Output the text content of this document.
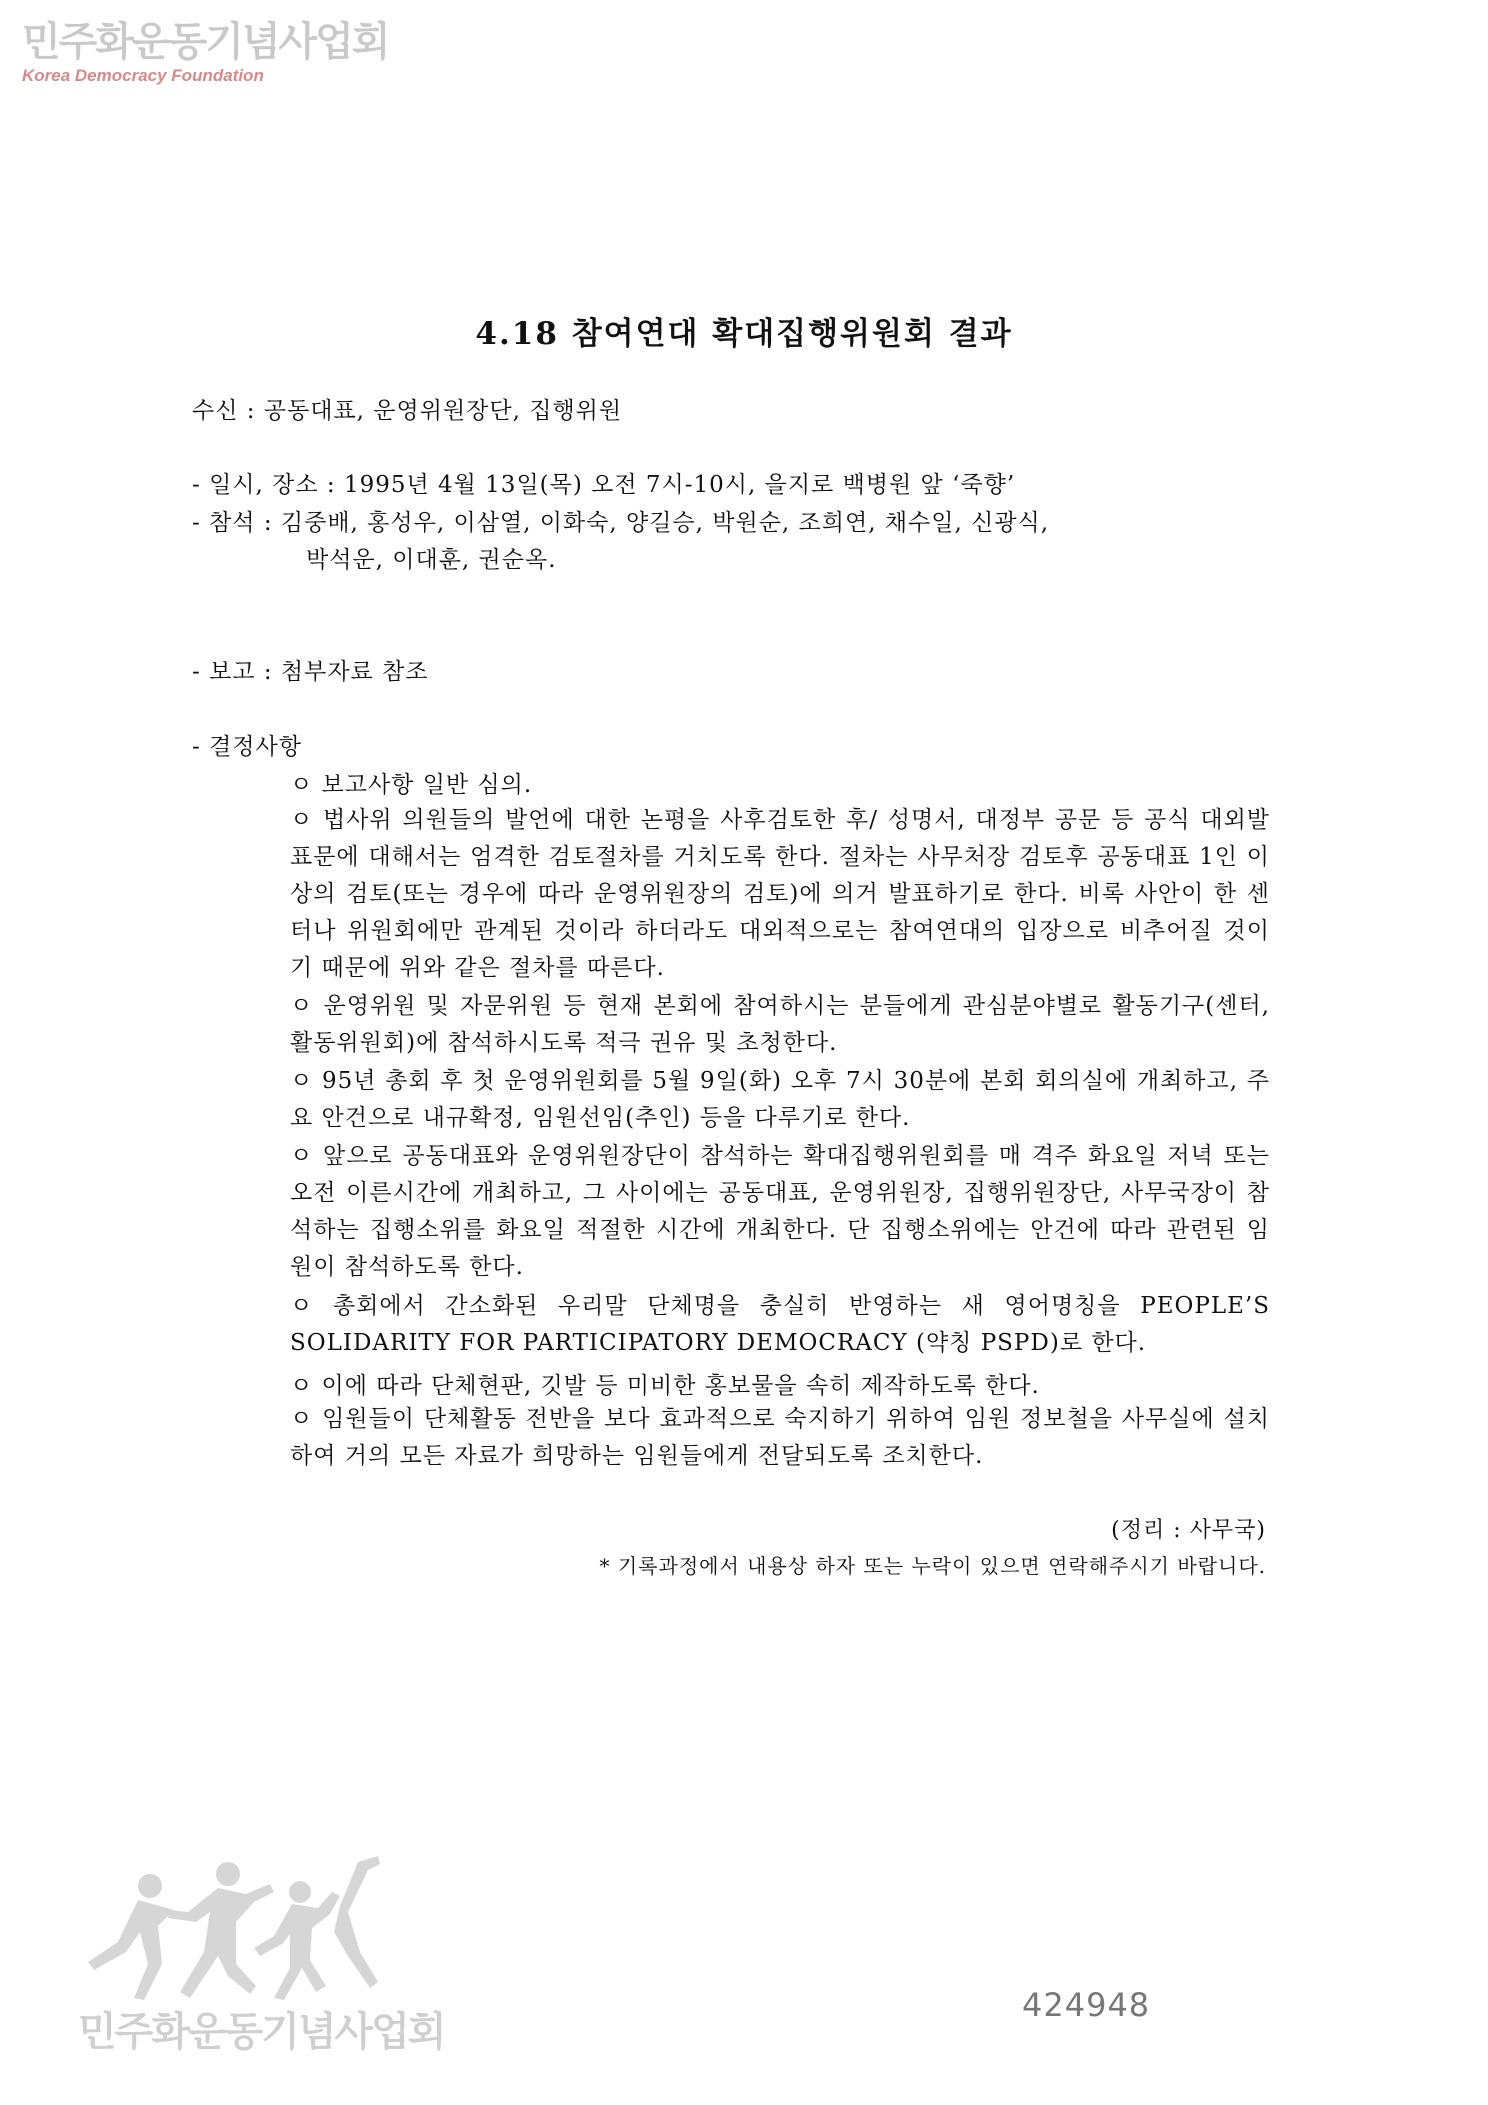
민주화운동기념사업회
Korea Democracy Foundation
4.18 참여연대 확대집행위원회 결과
수신 : 공동대표, 운영위원장단, 집행위원
- 일시, 장소 : 1995년 4월 13일(목) 오전 7시-10시, 을지로 백병원 앞 ‘죽향’
- 참석 : 김중배, 홍성우, 이삼열, 이화숙, 양길승, 박원순, 조희연, 채수일, 신광식,
박석운, 이대훈, 권순옥.
- 보고 : 첨부자료 참조
- 결정사항
ㅇ 보고사항 일반 심의.
ㅇ 법사위 의원들의 발언에 대한 논평을 사후검토한 후/ 성명서, 대정부 공문 등 공식 대외발표문에 대해서는 엄격한 검토절차를 거치도록 한다. 절차는 사무처장 검토후 공동대표 1인 이상의 검토(또는 경우에 따라 운영위원장의 검토)에 의거 발표하기로 한다. 비록 사안이 한 센터나 위원회에만 관계된 것이라 하더라도 대외적으로는 참여연대의 입장으로 비추어질 것이기 때문에 위와 같은 절차를 따른다.
ㅇ 운영위원 및 자문위원 등 현재 본회에 참여하시는 분들에게 관심분야별로 활동기구(센터,활동위원회)에 참석하시도록 적극 권유 및 초청한다.
ㅇ 95년 총회 후 첫 운영위원회를 5월 9일(화) 오후 7시 30분에 본회 회의실에 개최하고, 주요 안건으로 내규확정, 임원선임(추인) 등을 다루기로 한다.
ㅇ 앞으로 공동대표와 운영위원장단이 참석하는 확대집행위원회를 매 격주 화요일 저녁 또는 오전 이른시간에 개최하고, 그 사이에는 공동대표, 운영위원장, 집행위원장단, 사무국장이 참석하는 집행소위를 화요일 적절한 시간에 개최한다. 단 집행소위에는 안건에 따라 관련된 임원이 참석하도록 한다.
ㅇ 총회에서 간소화된 우리말 단체명을 충실히 반영하는 새 영어명칭을 PEOPLE’S SOLIDARITY FOR PARTICIPATORY DEMOCRACY (약칭 PSPD)로 한다.
ㅇ 이에 따라 단체현판, 깃발 등 미비한 홍보물을 속히 제작하도록 한다.
ㅇ 임원들이 단체활동 전반을 보다 효과적으로 숙지하기 위하여 임원 정보철을 사무실에 설치하여 거의 모든 자료가 희망하는 임원들에게 전달되도록 조치한다.
(정리 : 사무국)
* 기록과정에서 내용상 하자 또는 누락이 있으면 연락해주시기 바랍니다.
민주화운동기념사업회
424948
